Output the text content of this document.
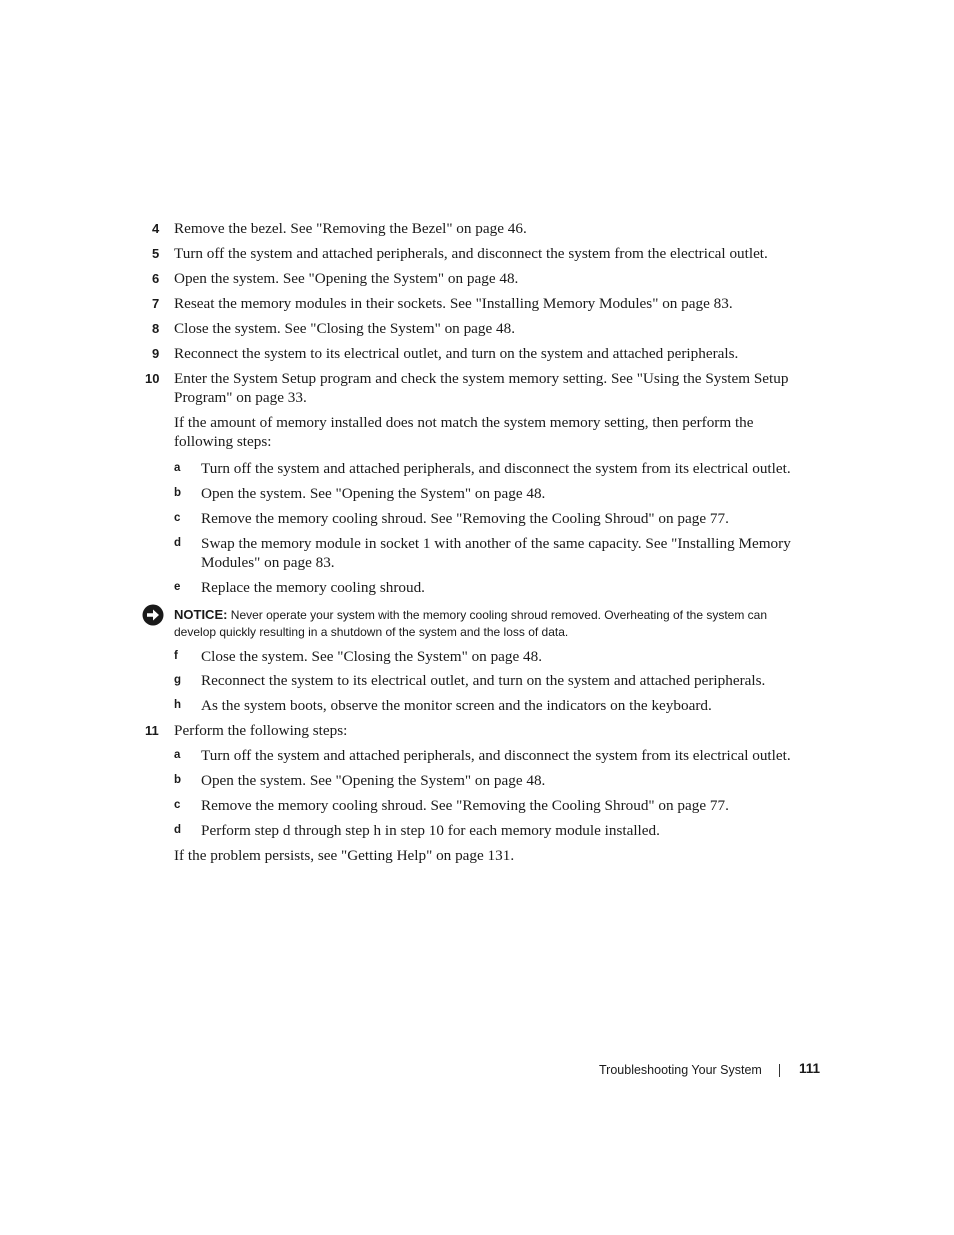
4 Remove the bezel. See "Removing the Bezel" on page 46.
5 Turn off the system and attached peripherals, and disconnect the system from the electrical outlet.
6 Open the system. See "Opening the System" on page 48.
7 Reseat the memory modules in their sockets. See "Installing Memory Modules" on page 83.
8 Close the system. See "Closing the System" on page 48.
9 Reconnect the system to its electrical outlet, and turn on the system and attached peripherals.
10 Enter the System Setup program and check the system memory setting. See "Using the System Setup
Program" on page 33.
If the amount of memory installed does not match the system memory setting, then perform the
following steps:
a Turn off the system and attached peripherals, and disconnect the system from its electrical outlet.
b Open the system. See "Opening the System" on page 48.
c Remove the memory cooling shroud. See "Removing the Cooling Shroud" on page 77.
d Swap the memory module in socket 1 with another of the same capacity. See "Installing Memory
Modules" on page 83.
e Replace the memory cooling shroud.
NOTICE: Never operate your system with the memory cooling shroud removed. Overheating of the system can
develop quickly resulting in a shutdown of the system and the loss of data.
f Close the system. See "Closing the System" on page 48.
g Reconnect the system to its electrical outlet, and turn on the system and attached peripherals.
h As the system boots, observe the monitor screen and the indicators on the keyboard.
11 Perform the following steps:
a Turn off the system and attached peripherals, and disconnect the system from its electrical outlet.
b Open the system. See "Opening the System" on page 48.
c Remove the memory cooling shroud. See "Removing the Cooling Shroud" on page 77.
d Perform step d through step h in step 10 for each memory module installed.
If the problem persists, see "Getting Help" on page 131.
Troubleshooting Your System	111
